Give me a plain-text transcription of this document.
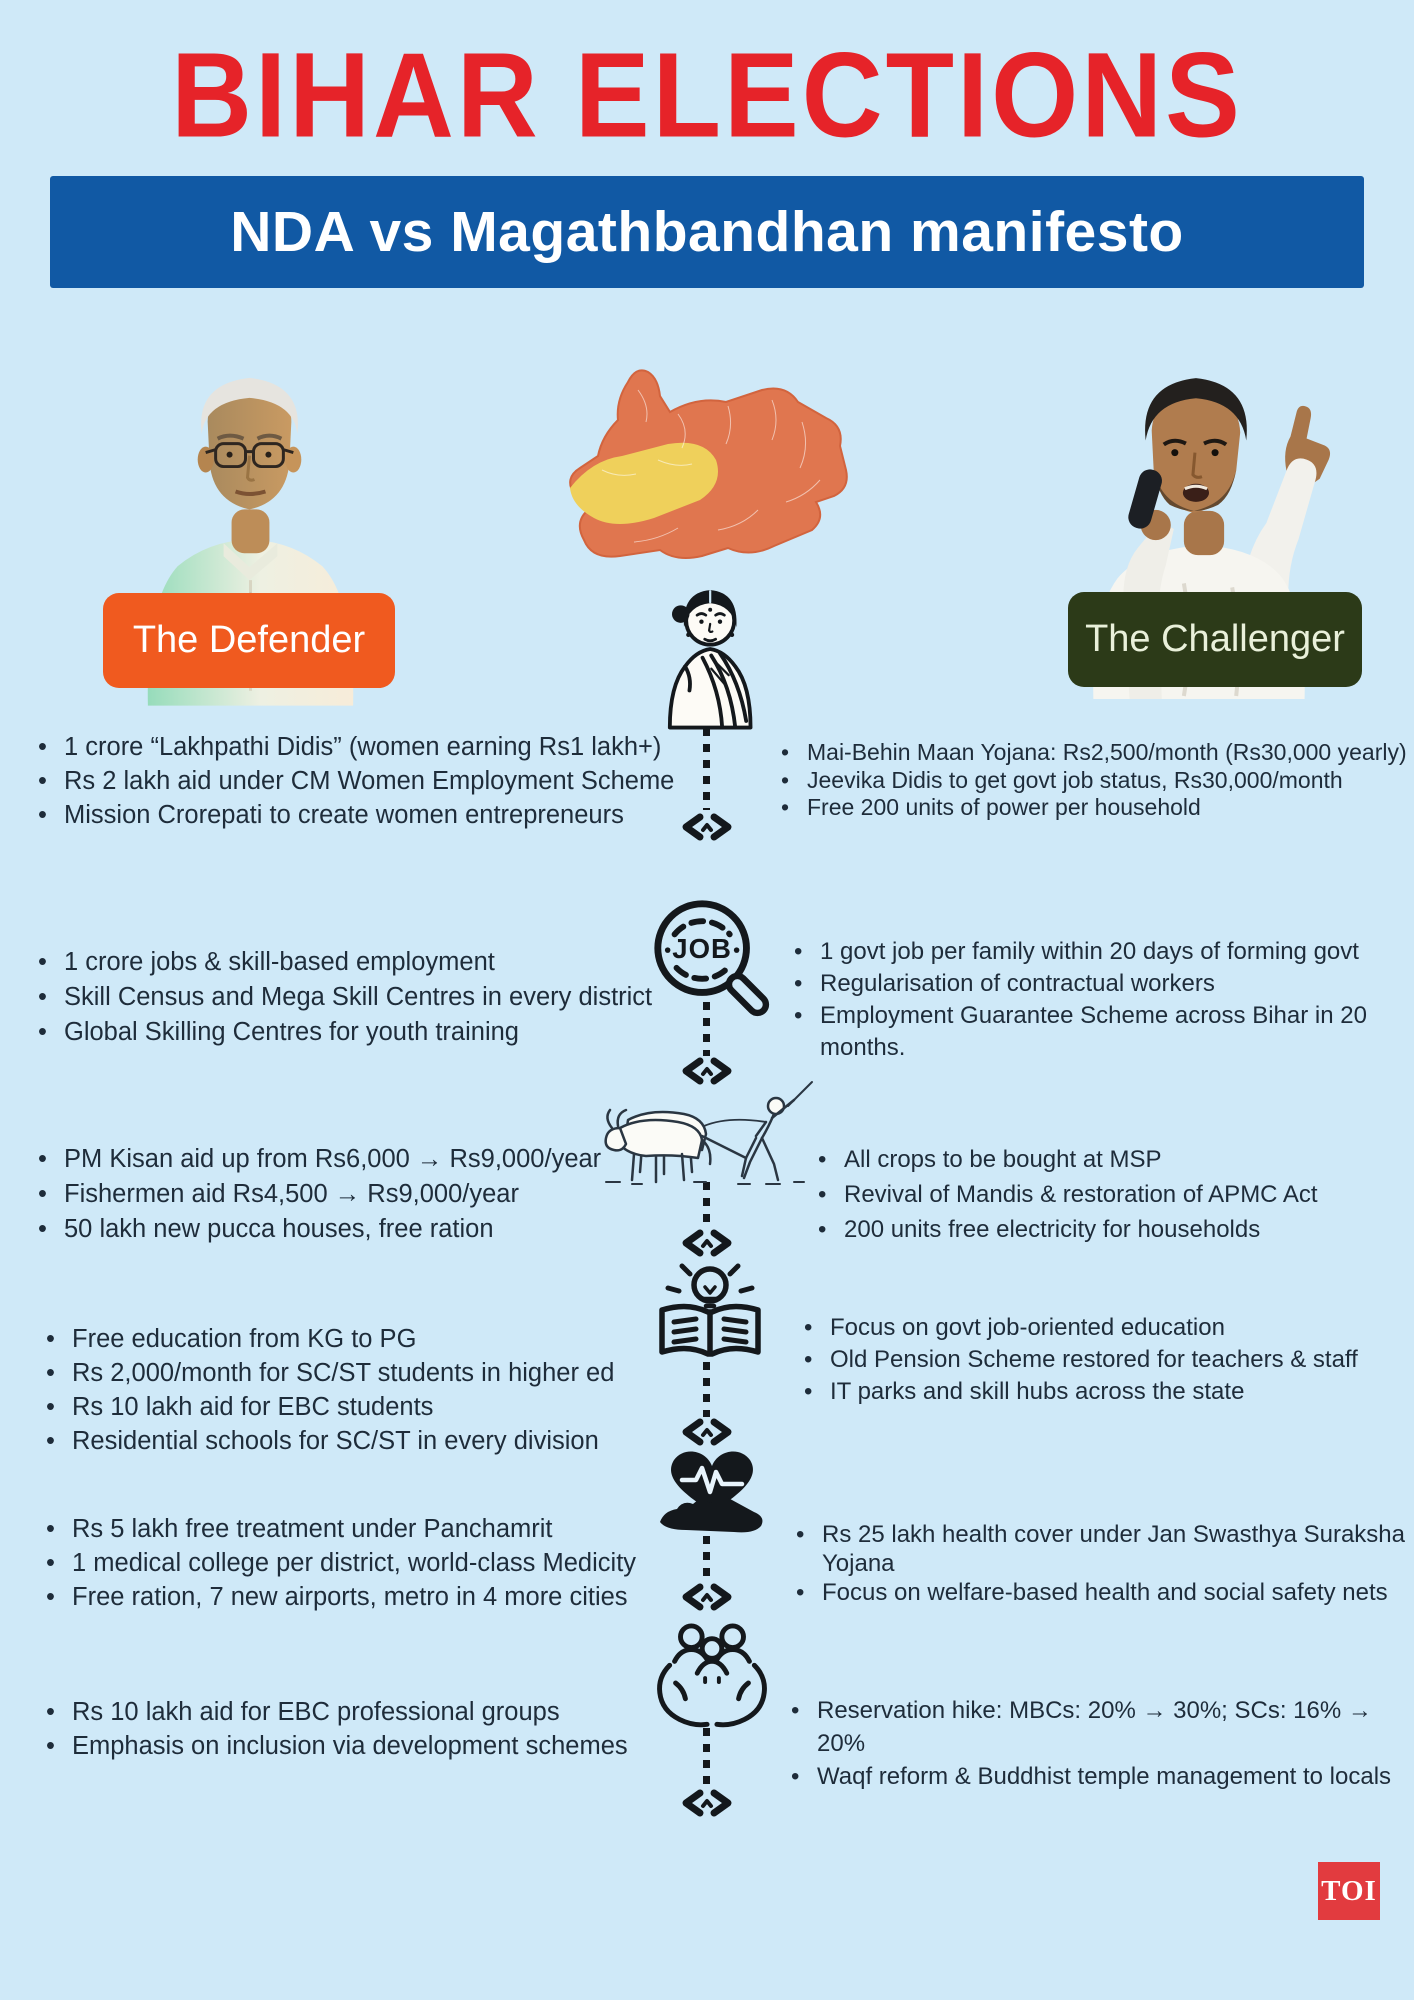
BIHAR ELECTIONS
NDA vs Magathbandhan manifesto
The Defender	The Challenger
• 1 crore “Lakhpathi Didis” (women earning Rs1 lakh+)
• Rs 2 lakh aid under CM Women Employment Scheme
• Mission Crorepati to create women entrepreneurs
• Mai-Behin Maan Yojana: Rs2,500/month (Rs30,000 yearly)
• Jeevika Didis to get govt job status, Rs30,000/month
• Free 200 units of power per household
JOB
• 1 crore jobs & skill-based employment
• Skill Census and Mega Skill Centres in every district
• Global Skilling Centres for youth training
• 1 govt job per family within 20 days of forming govt
• Regularisation of contractual workers
• Employment Guarantee Scheme across Bihar in 20 months.
• PM Kisan aid up from Rs6,000 → Rs9,000/year
• Fishermen aid Rs4,500 → Rs9,000/year
• 50 lakh new pucca houses, free ration
• All crops to be bought at MSP
• Revival of Mandis & restoration of APMC Act
• 200 units free electricity for households
• Free education from KG to PG
• Rs 2,000/month for SC/ST students in higher ed
• Rs 10 lakh aid for EBC students
• Residential schools for SC/ST in every division
• Focus on govt job-oriented education
• Old Pension Scheme restored for teachers & staff
• IT parks and skill hubs across the state
• Rs 5 lakh free treatment under Panchamrit
• 1 medical college per district, world-class Medicity
• Free ration, 7 new airports, metro in 4 more cities
• Rs 25 lakh health cover under Jan Swasthya Suraksha Yojana
• Focus on welfare-based health and social safety nets
• Rs 10 lakh aid for EBC professional groups
• Emphasis on inclusion via development schemes
• Reservation hike: MBCs: 20% → 30%; SCs: 16% → 20%
• Waqf reform & Buddhist temple management to locals
TOI
